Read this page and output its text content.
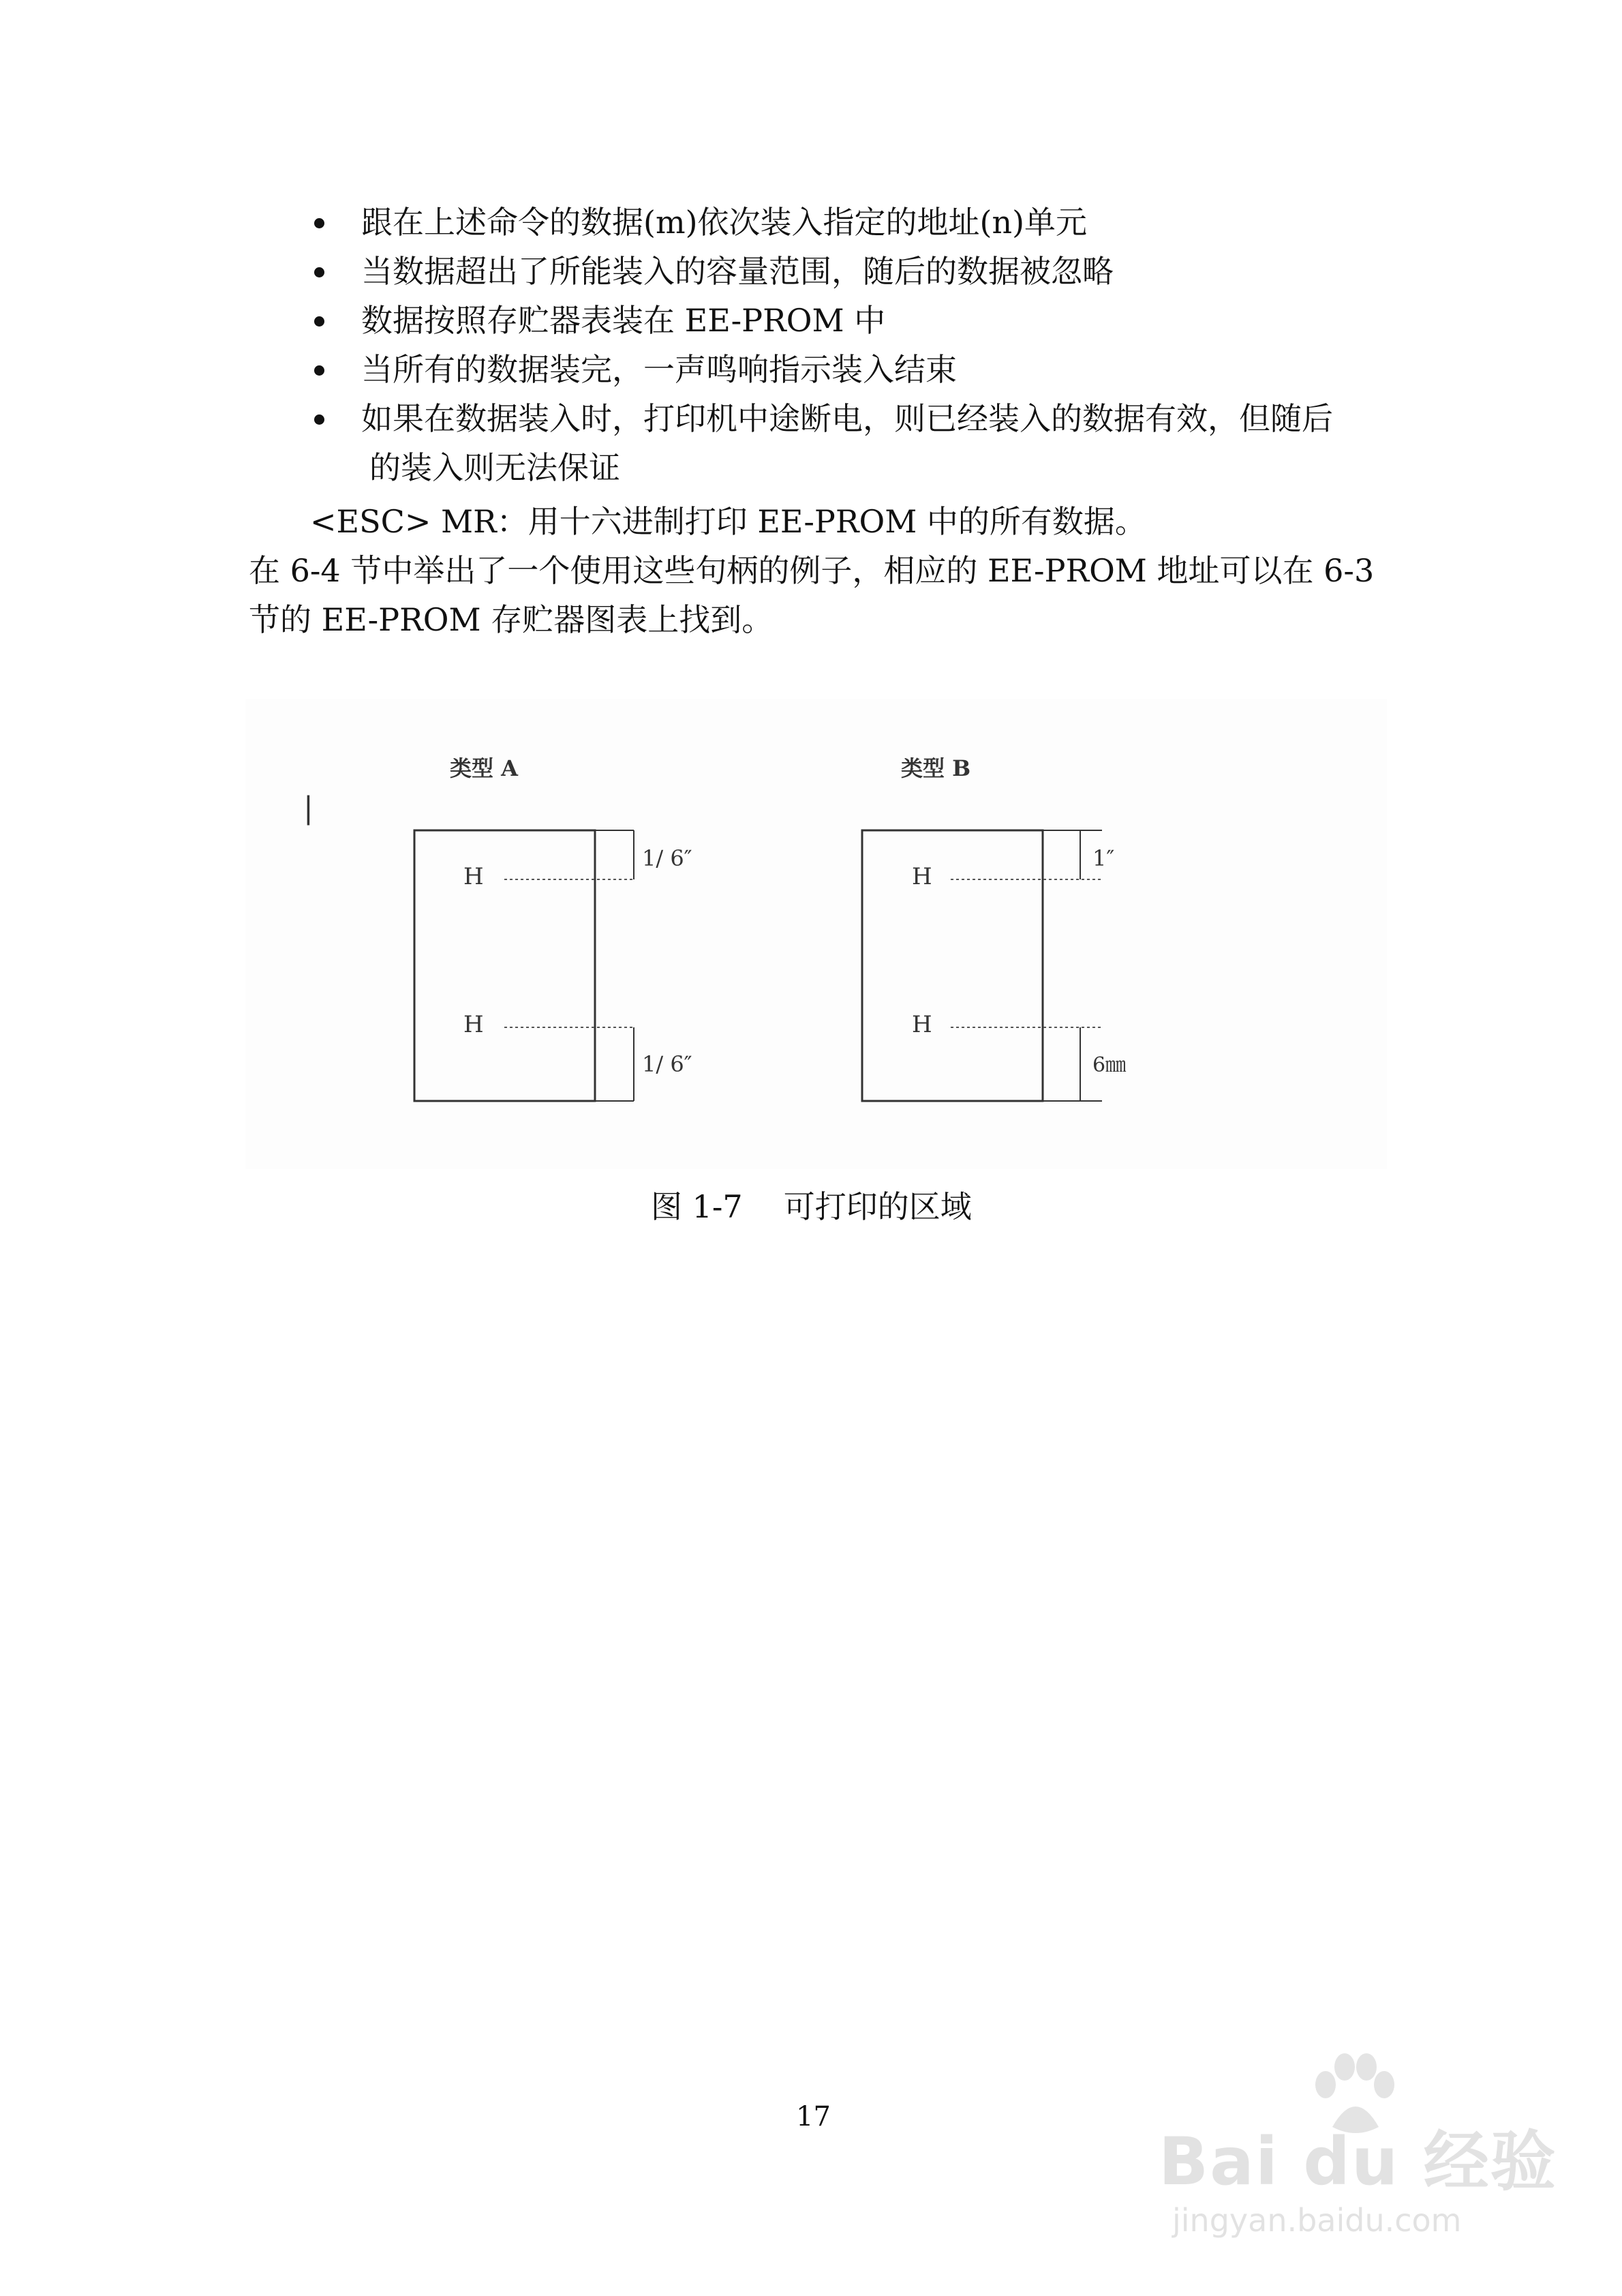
跟在上述命令的数据(m)依次装入指定的地址(n)单元
当数据超出了所能装入的容量范围，随后的数据被忽略
数据按照存贮器表装在 EE-PROM 中
当所有的数据装完，一声鸣响指示装入结束
如果在数据装入时，打印机中途断电，则已经装入的数据有效，但随后
的装入则无法保证
<ESC> MR：用十六进制打印 EE-PROM 中的所有数据。
在 6-4 节中举出了一个使用这些句柄的例子，相应的 EE-PROM 地址可以在 6-3
节的 EE-PROM 存贮器图表上找到。
|
类型 A
H
1/ 6″
H
1/ 6″
类型 B
H
1″
H
6㎜
图 1-7 可打印的区域
17
Bai du 经验
jingyan.baidu.com
